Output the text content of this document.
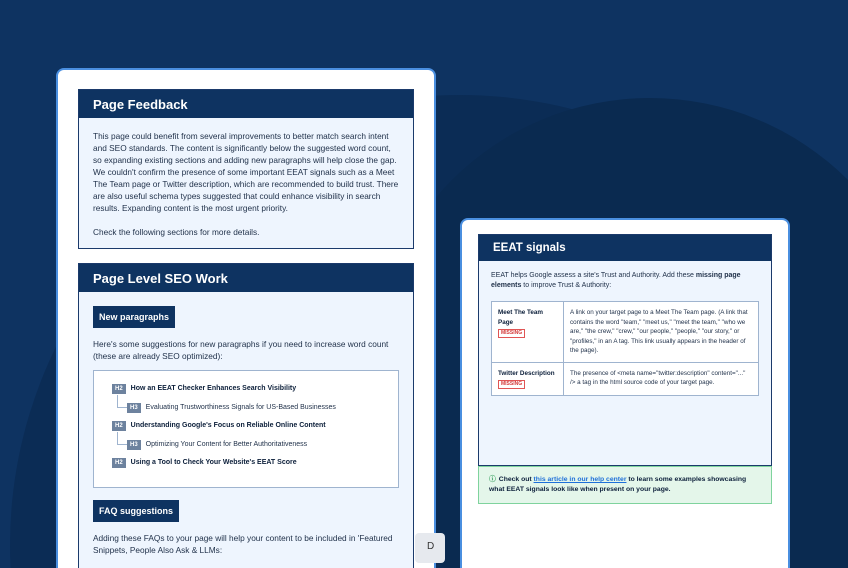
Page Feedback

This page could benefit from several improvements to better match search intent and SEO standards. The content is significantly below the suggested word count, so expanding existing sections and adding new paragraphs will help close the gap. We couldn't confirm the presence of some important EEAT signals such as a Meet The Team page or Twitter description, which are recommended to build trust. There are also useful schema types suggested that could enhance visibility in search results. Expanding content is the most urgent priority.

Check the following sections for more details.

Page Level SEO Work
New paragraphs

Here's some suggestions for new paragraphs if you need to increase word count (these are already SEO optimized):

H2	How an EEAT Checker Enhances Search Visibility
H3	Evaluating Trustworthiness Signals for US-Based Businesses
H2	Understanding Google's Focus on Reliable Online Content
H3	Optimizing Your Content for Better Authoritativeness
H2	Using a Tool to Check Your Website's EEAT Score
FAQ suggestions

Adding these FAQs to your page will help your content to be included in 'Featured Snippets, People Also Ask & LLMs:	D
EEAT signals

EEAT helps Google assess a site's Trust and Authority. Add these missing page elements to improve Trust & Authority:

Meet The Team Page
MISSING	A link on your target page to a Meet The Team page. (A link that contains the word "team," "meet us," "meet the team," "who we are," "the crew," "crew," "our people," "people," "our story," or "profiles," in an A tag. This link usually appears in the header of the page).

Twitter Description
MISSING	The presence of <meta name="twitter:description" content="..." /> a tag in the html source code of your target page.
ⓘ Check out this article in our help center to learn some examples showcasing what EEAT signals look like when present on your page.
